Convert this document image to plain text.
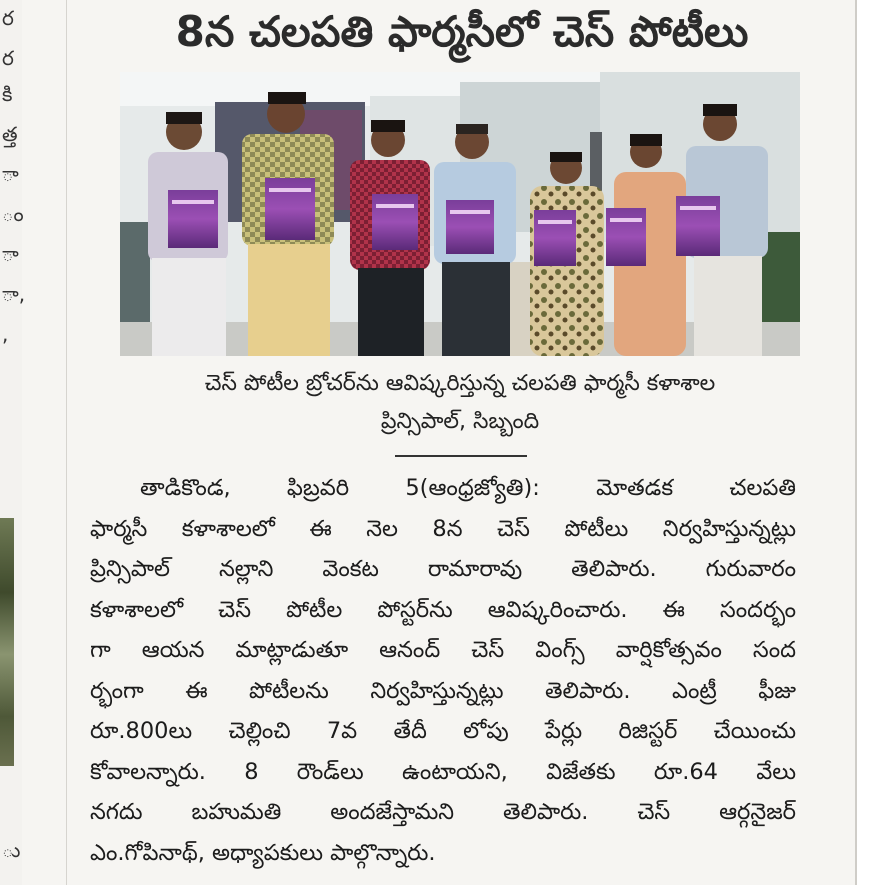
ర
ర
కి
త్త
ా
ం
ా
ా,
,
ు
8న చలపతి ఫార్మసీలో చెస్ పోటీలు
చెస్ పోటీల బ్రోచర్‌ను ఆవిష్కరిస్తున్న చలపతి ఫార్మసీ కళాశాల
ప్రిన్సిపాల్, సిబ్బంది
తాడికొండ, ఫిబ్రవరి 5(ఆంధ్రజ్యోతి): మోతడక చలపతి
ఫార్మసీ కళాశాలలో ఈ నెల 8న చెస్ పోటీలు నిర్వహిస్తున్నట్లు
ప్రిన్సిపాల్ నల్లాని వెంకట రామారావు తెలిపారు. గురువారం
కళాశాలలో చెస్ పోటీల పోస్టర్‌ను ఆవిష్కరించారు. ఈ సందర్భం
గా ఆయన మాట్లాడుతూ ఆనంద్ చెస్ వింగ్స్ వార్షికోత్సవం సంద
ర్భంగా ఈ పోటీలను నిర్వహిస్తున్నట్లు తెలిపారు. ఎంట్రీ ఫీజు
రూ.800లు చెల్లించి 7వ తేదీ లోపు పేర్లు రిజిస్టర్ చేయించు
కోవాలన్నారు. 8 రౌండ్‌లు ఉంటాయని, విజేతకు రూ.64 వేలు
నగదు బహుమతి అందజేస్తామని తెలిపారు. చెస్ ఆర్గనైజర్
ఎం.గోపినాథ్, అధ్యాపకులు పాల్గొన్నారు.
